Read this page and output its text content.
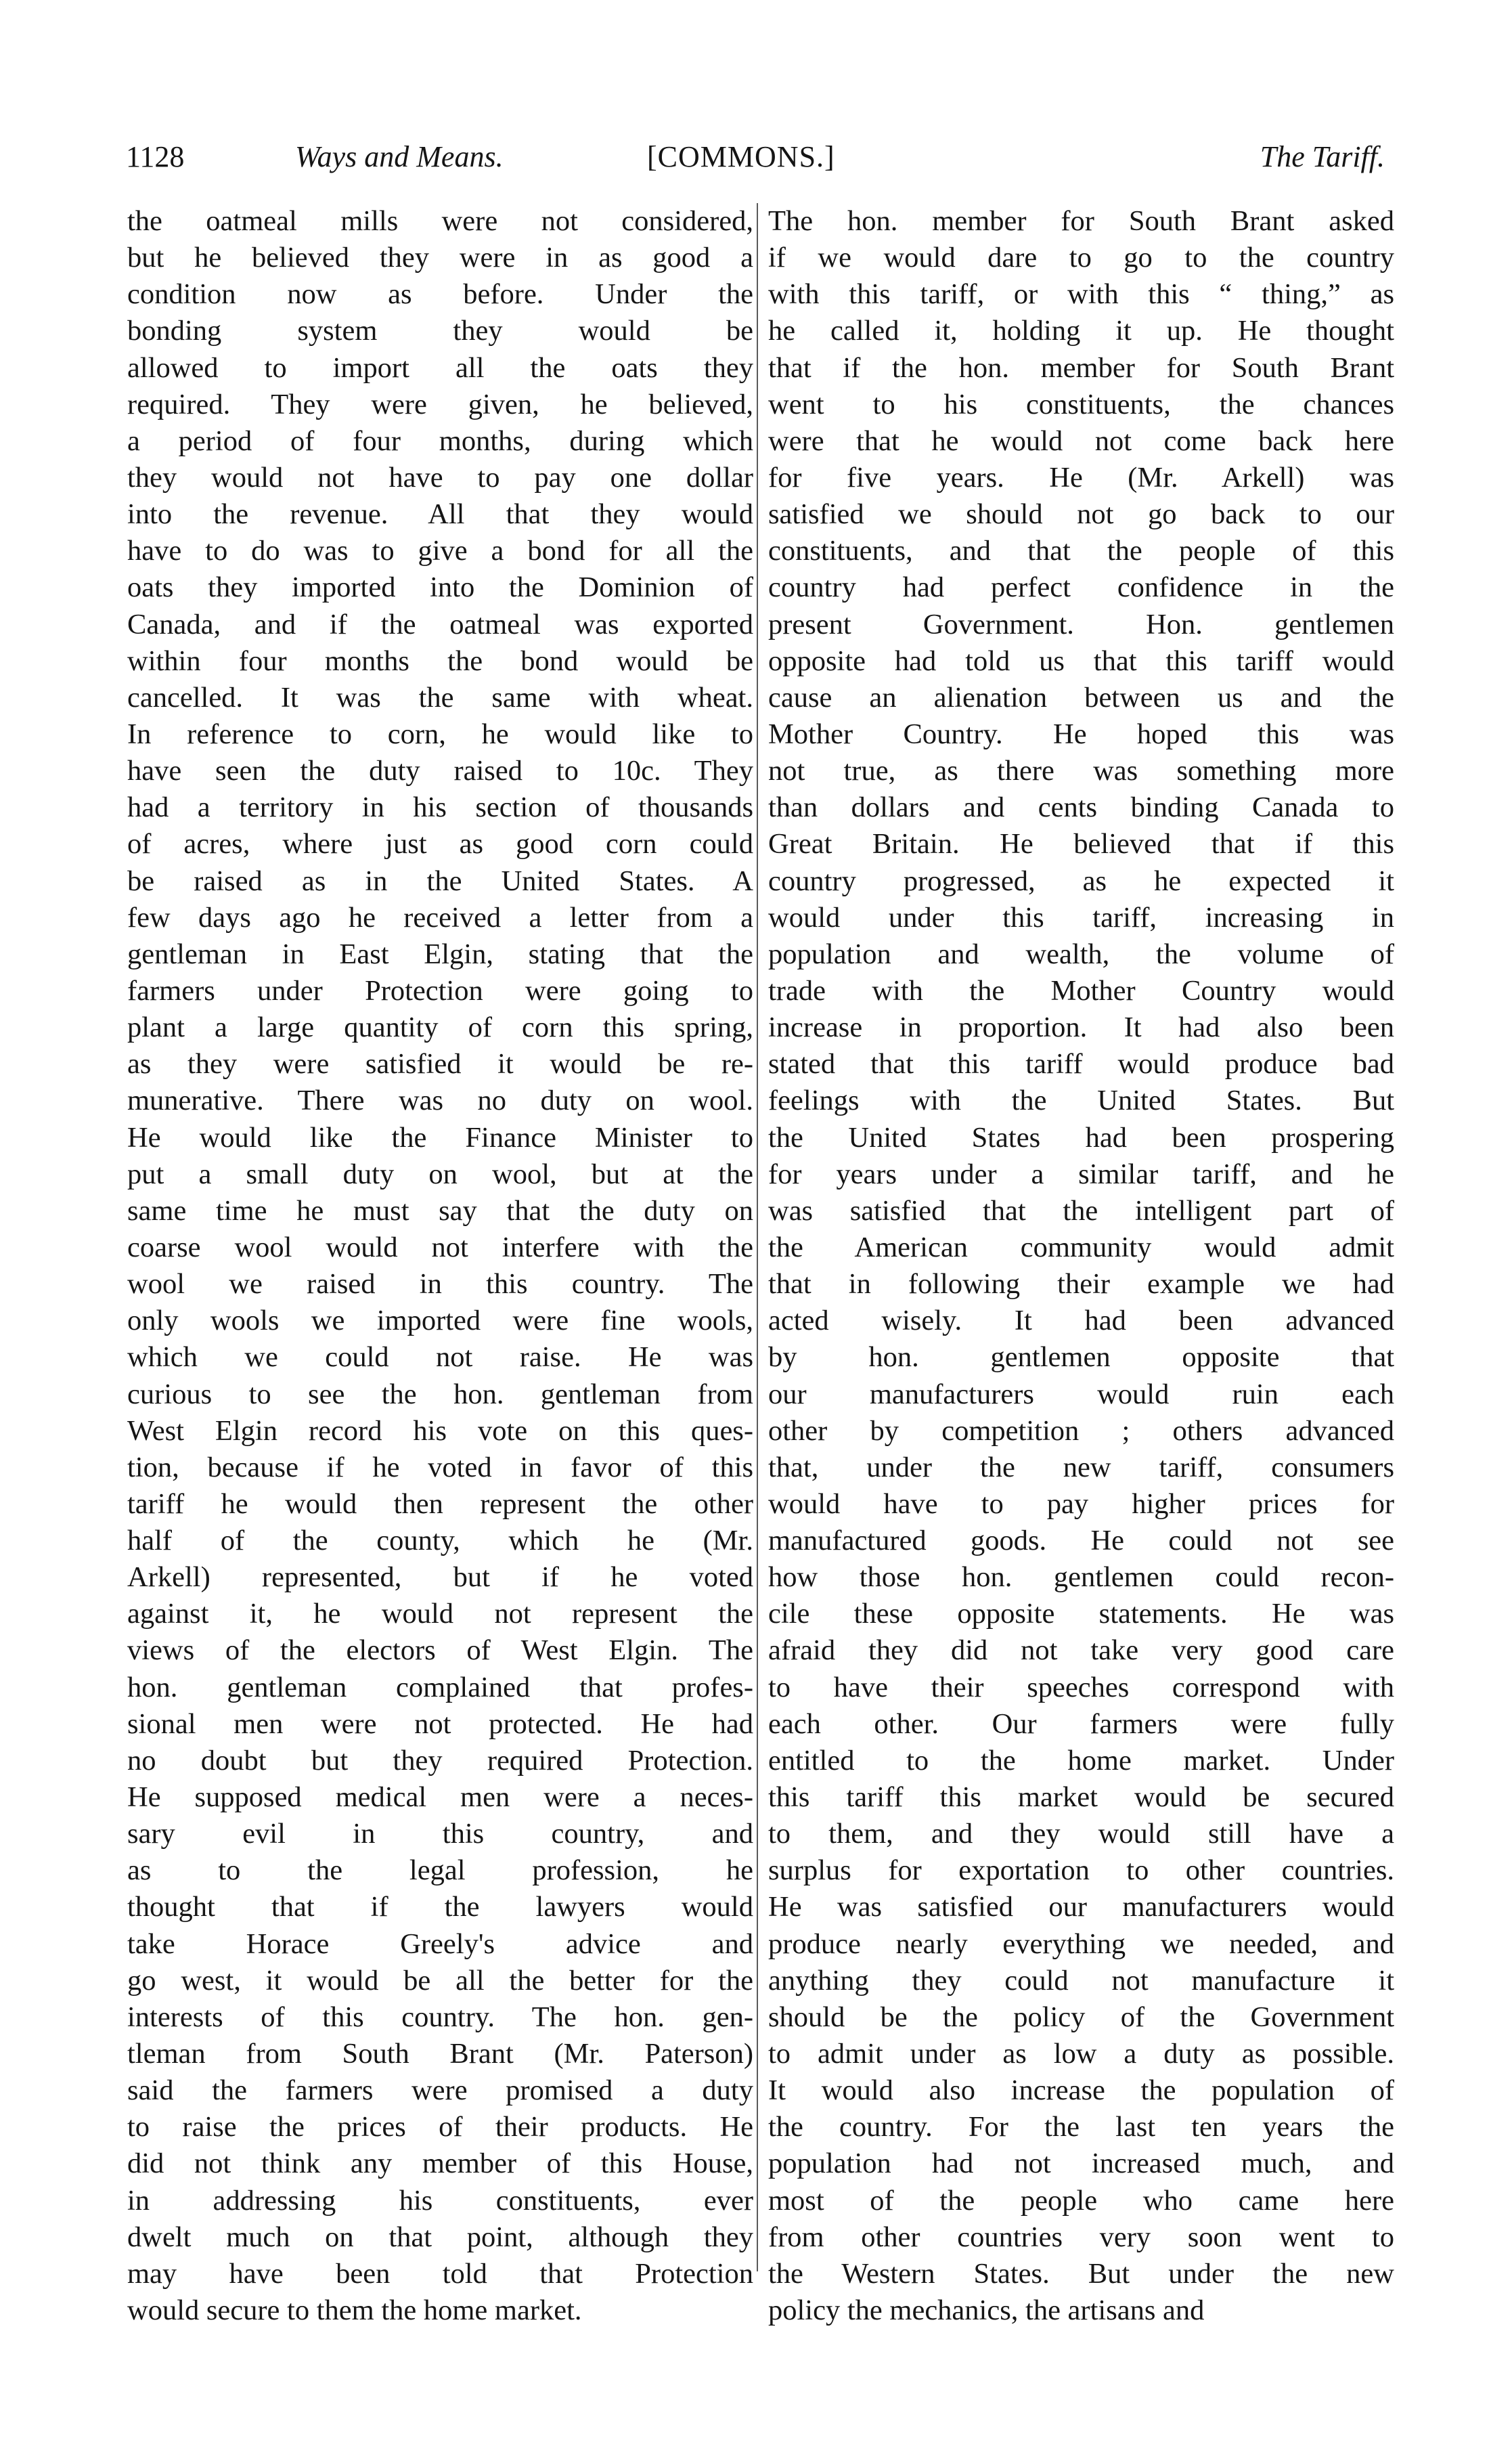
1128	Ways and Means.	[COMMONS.]	The Tariff.
the oatmeal mills were not considered,
but he believed they were in as good a
condition now as before. Under the
bonding system they would be
allowed to import all the oats they
required. They were given, he believed,
a period of four months, during which
they would not have to pay one dollar
into the revenue. All that they would
have to do was to give a bond for all the
oats they imported into the Dominion of
Canada, and if the oatmeal was exported
within four months the bond would be
cancelled. It was the same with wheat.
In reference to corn, he would like to
have seen the duty raised to 10c. They
had a territory in his section of thousands
of acres, where just as good corn could
be raised as in the United States. A
few days ago he received a letter from a
gentleman in East Elgin, stating that the
farmers under Protection were going to
plant a large quantity of corn this spring,
as they were satisfied it would be re-
munerative. There was no duty on wool.
He would like the Finance Minister to
put a small duty on wool, but at the
same time he must say that the duty on
coarse wool would not interfere with the
wool we raised in this country. The
only wools we imported were fine wools,
which we could not raise. He was
curious to see the hon. gentleman from
West Elgin record his vote on this ques-
tion, because if he voted in favor of this
tariff he would then represent the other
half of the county, which he (Mr.
Arkell) represented, but if he voted
against it, he would not represent the
views of the electors of West Elgin. The
hon. gentleman complained that profes-
sional men were not protected. He had
no doubt but they required Protection.
He supposed medical men were a neces-
sary evil in this country, and
as to the legal profession, he
thought that if the lawyers would
take Horace Greely's advice and
go west, it would be all the better for the
interests of this country. The hon. gen-
tleman from South Brant (Mr. Paterson)
said the farmers were promised a duty
to raise the prices of their products. He
did not think any member of this House,
in addressing his constituents, ever
dwelt much on that point, although they
may have been told that Protection
would secure to them the home market.
The hon. member for South Brant asked
if we would dare to go to the country
with this tariff, or with this “ thing,” as
he called it, holding it up. He thought
that if the hon. member for South Brant
went to his constituents, the chances
were that he would not come back here
for five years. He (Mr. Arkell) was
satisfied we should not go back to our
constituents, and that the people of this
country had perfect confidence in the
present Government. Hon. gentlemen
opposite had told us that this tariff would
cause an alienation between us and the
Mother Country. He hoped this was
not true, as there was something more
than dollars and cents binding Canada to
Great Britain. He believed that if this
country progressed, as he expected it
would under this tariff, increasing in
population and wealth, the volume of
trade with the Mother Country would
increase in proportion. It had also been
stated that this tariff would produce bad
feelings with the United States. But
the United States had been prospering
for years under a similar tariff, and he
was satisfied that the intelligent part of
the American community would admit
that in following their example we had
acted wisely. It had been advanced
by hon. gentlemen opposite that
our manufacturers would ruin each
other by competition ; others advanced
that, under the new tariff, consumers
would have to pay higher prices for
manufactured goods. He could not see
how those hon. gentlemen could recon-
cile these opposite statements. He was
afraid they did not take very good care
to have their speeches correspond with
each other. Our farmers were fully
entitled to the home market. Under
this tariff this market would be secured
to them, and they would still have a
surplus for exportation to other countries.
He was satisfied our manufacturers would
produce nearly everything we needed, and
anything they could not manufacture it
should be the policy of the Government
to admit under as low a duty as possible.
It would also increase the population of
the country. For the last ten years the
population had not increased much, and
most of the people who came here
from other countries very soon went to
the Western States. But under the new
policy the mechanics, the artisans and
